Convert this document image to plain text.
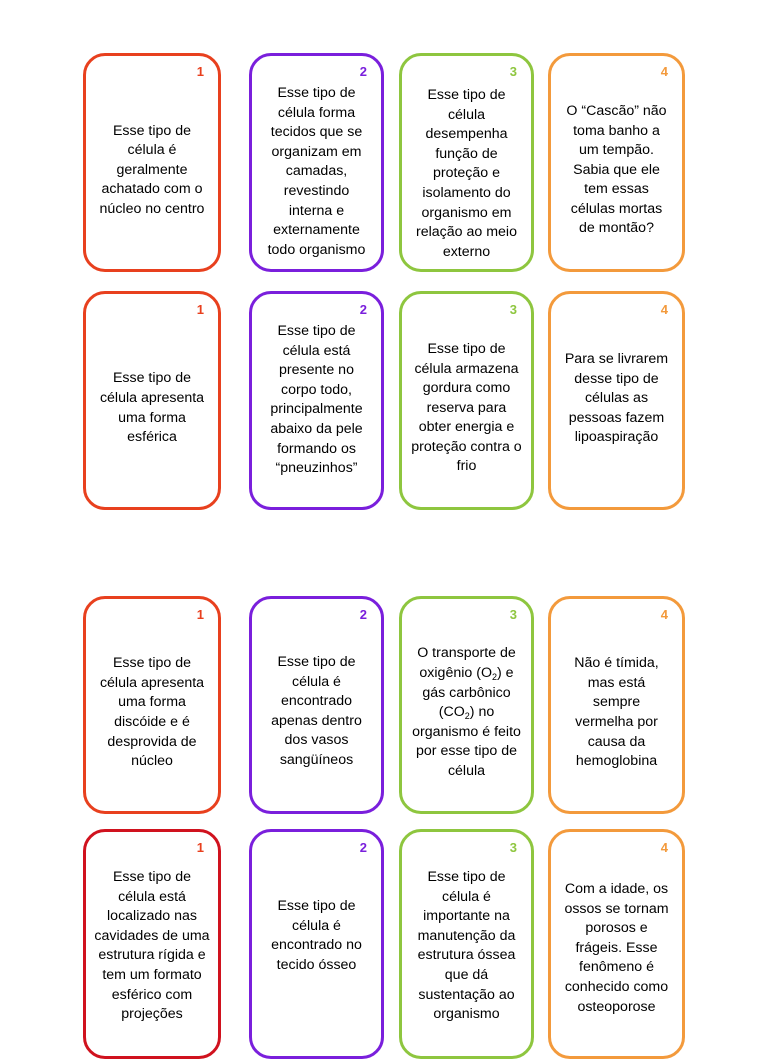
1
Esse tipo de célula é geralmente achatado com o núcleo no centro
2
Esse tipo de célula forma tecidos que se organizam em camadas, revestindo interna e externamente todo organismo
3
Esse tipo de célula desempenha função de proteção e isolamento do organismo em relação ao meio externo
4
O “Cascão” não toma banho a um tempão. Sabia que ele tem essas células mortas de montão?
1
Esse tipo de célula apresenta uma forma esférica
2
Esse tipo de célula está presente no corpo todo, principalmente abaixo da pele formando os “pneuzinhos”
3
Esse tipo de célula armazena gordura como reserva para obter energia e proteção contra o frio
4
Para se livrarem desse tipo de células as pessoas fazem lipoaspiração
1
Esse tipo de célula apresenta uma forma discóide e é desprovida de núcleo
2
Esse tipo de célula é encontrado apenas dentro dos vasos sangüíneos
3
O transporte de oxigênio $(O_2)$ e gás carbônico $(CO_2)$ no organismo é feito por esse tipo de célula
4
Não é tímida, mas está sempre vermelha por causa da hemoglobina
1
Esse tipo de célula está localizado nas cavidades de uma estrutura rígida e tem um formato esférico com projeções
2
Esse tipo de célula é encontrado no tecido ósseo
3
Esse tipo de célula é importante na manutenção da estrutura óssea que dá sustentação ao organismo
4
Com a idade, os ossos se tornam porosos e frágeis. Esse fenômeno é conhecido como osteoporose
